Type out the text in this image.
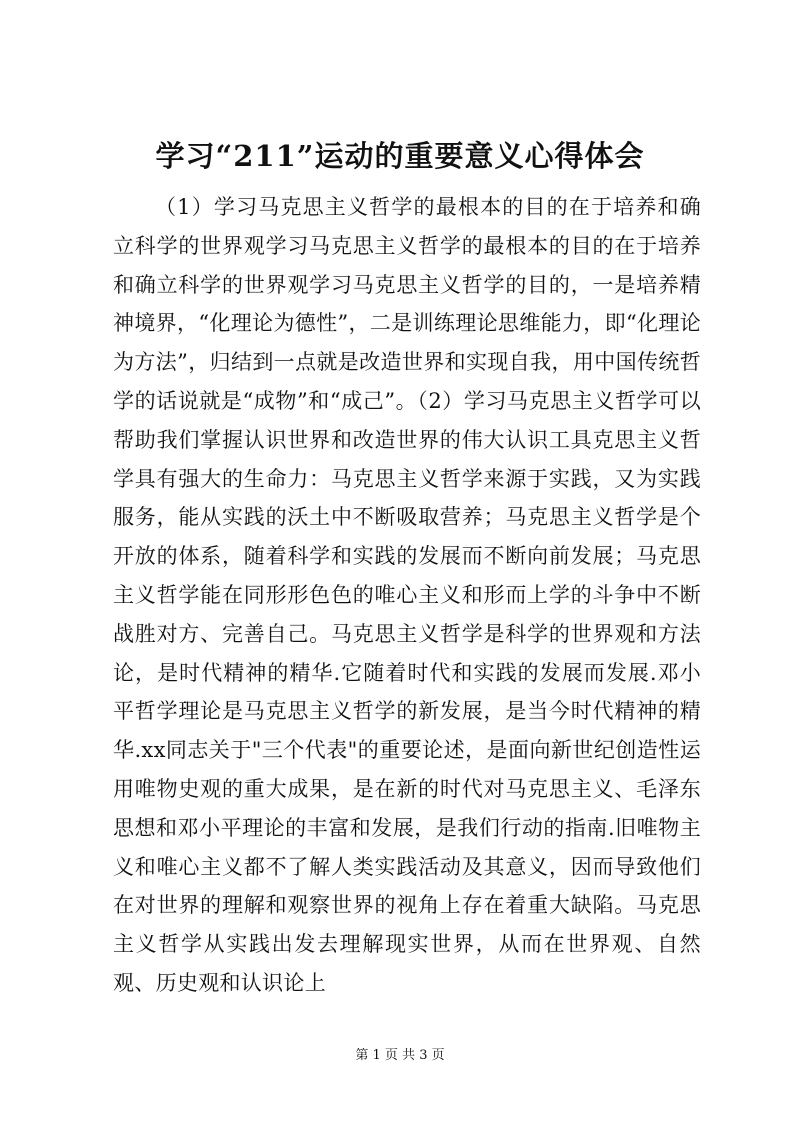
学习“211”运动的重要意义心得体会

（1）学习马克思主义哲学的最根本的目的在于培养和确立科学的世界观学习马克思主义哲学的最根本的目的在于培养和确立科学的世界观学习马克思主义哲学的目的，一是培养精神境界，“化理论为德性”，二是训练理论思维能力，即“化理论为方法”，归结到一点就是改造世界和实现自我，用中国传统哲学的话说就是“成物”和“成己”。（2）学习马克思主义哲学可以帮助我们掌握认识世界和改造世界的伟大认识工具克思主义哲学具有强大的生命力：马克思主义哲学来源于实践，又为实践服务，能从实践的沃土中不断吸取营养；马克思主义哲学是个开放的体系，随着科学和实践的发展而不断向前发展；马克思主义哲学能在同形形色色的唯心主义和形而上学的斗争中不断战胜对方、完善自己。马克思主义哲学是科学的世界观和方法论，是时代精神的精华.它随着时代和实践的发展而发展.邓小平哲学理论是马克思主义哲学的新发展，是当今时代精神的精华.xx同志关于"三个代表"的重要论述，是面向新世纪创造性运用唯物史观的重大成果，是在新的时代对马克思主义、毛泽东思想和邓小平理论的丰富和发展，是我们行动的指南.旧唯物主义和唯心主义都不了解人类实践活动及其意义，因而导致他们在对世界的理解和观察世界的视角上存在着重大缺陷。马克思主义哲学从实践出发去理解现实世界，从而在世界观、自然观、历史观和认识论上

第 1 页 共 3 页
